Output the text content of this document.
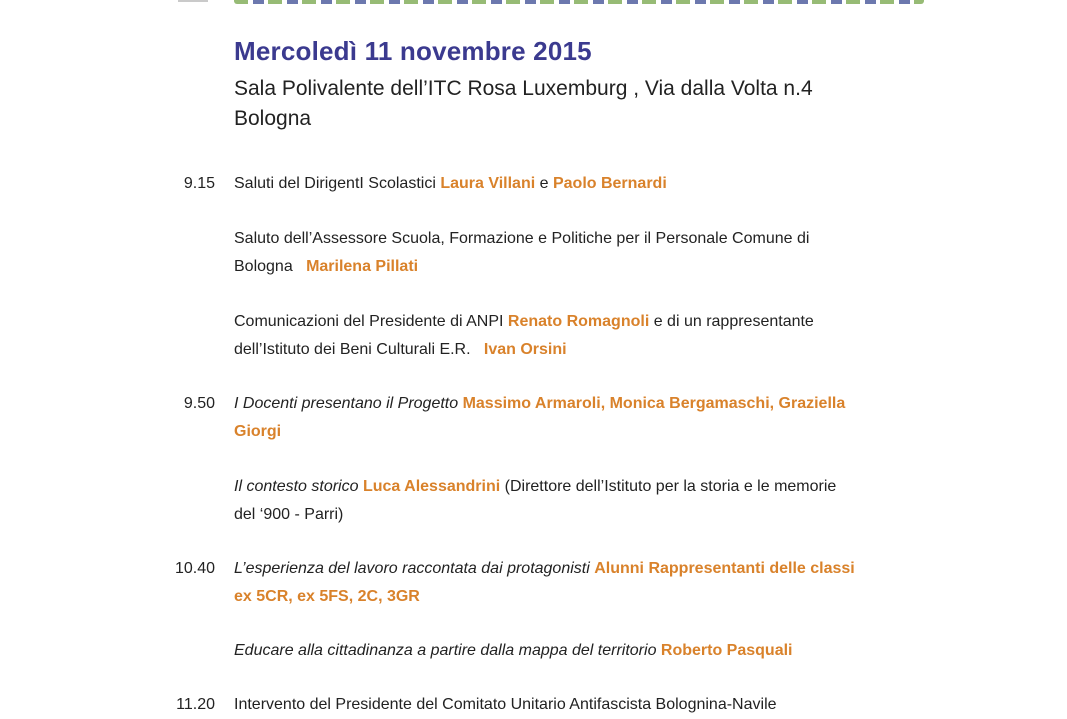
Mercoledì 11 novembre 2015
Sala Polivalente dell’ITC Rosa Luxemburg , Via dalla Volta n.4
Bologna
9.15 Saluti del DirigentI Scolastici Laura Villani e Paolo Bernardi
Saluto dell’Assessore Scuola, Formazione e Politiche per il Personale Comune di
Bologna   Marilena Pillati
Comunicazioni del Presidente di ANPI Renato Romagnoli e di un rappresentante
dell’Istituto dei Beni Culturali E.R.   Ivan Orsini
9.50 I Docenti presentano il Progetto Massimo Armaroli, Monica Bergamaschi, Graziella
Giorgi
Il contesto storico Luca Alessandrini (Direttore dell’Istituto per la storia e le memorie
del ‘900 - Parri)
10.40 L’esperienza del lavoro raccontata dai protagonisti Alunni Rappresentanti delle classi
ex 5CR, ex 5FS, 2C, 3GR
Educare alla cittadinanza a partire dalla mappa del territorio Roberto Pasquali
11.20 Intervento del Presidente del Comitato Unitario Antifascista Bolognina-Navile
